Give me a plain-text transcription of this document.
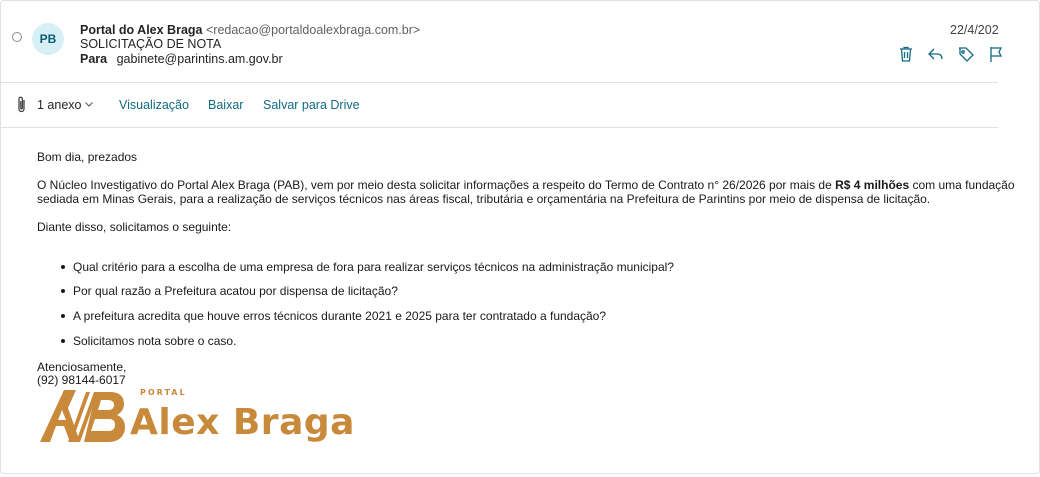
PB
Portal do Alex Braga <redacao@portaldoalexbraga.com.br>
SOLICITAÇÃO DE NOTA
Para gabinete@parintins.am.gov.br
22/4/202
1 anexo	Visualização Baixar Salvar para Drive
Bom dia, prezados
O Núcleo Investigativo do Portal Alex Braga (PAB), vem por meio desta solicitar informações a respeito do Termo de Contrato n° 26/2026 por mais de R$ 4 milhões com uma fundação
sediada em Minas Gerais, para a realização de serviços técnicos nas áreas fiscal, tributária e orçamentária na Prefeitura de Parintins por meio de dispensa de licitação.
Diante disso, solicitamos o seguinte:
Qual critério para a escolha de uma empresa de fora para realizar serviços técnicos na administração municipal?
Por qual razão a Prefeitura acatou por dispensa de licitação?
A prefeitura acredita que houve erros técnicos durante 2021 e 2025 para ter contratado a fundação?
Solicitamos nota sobre o caso.
Atenciosamente,
(92) 98144-6017
PORTAL
Alex Braga
